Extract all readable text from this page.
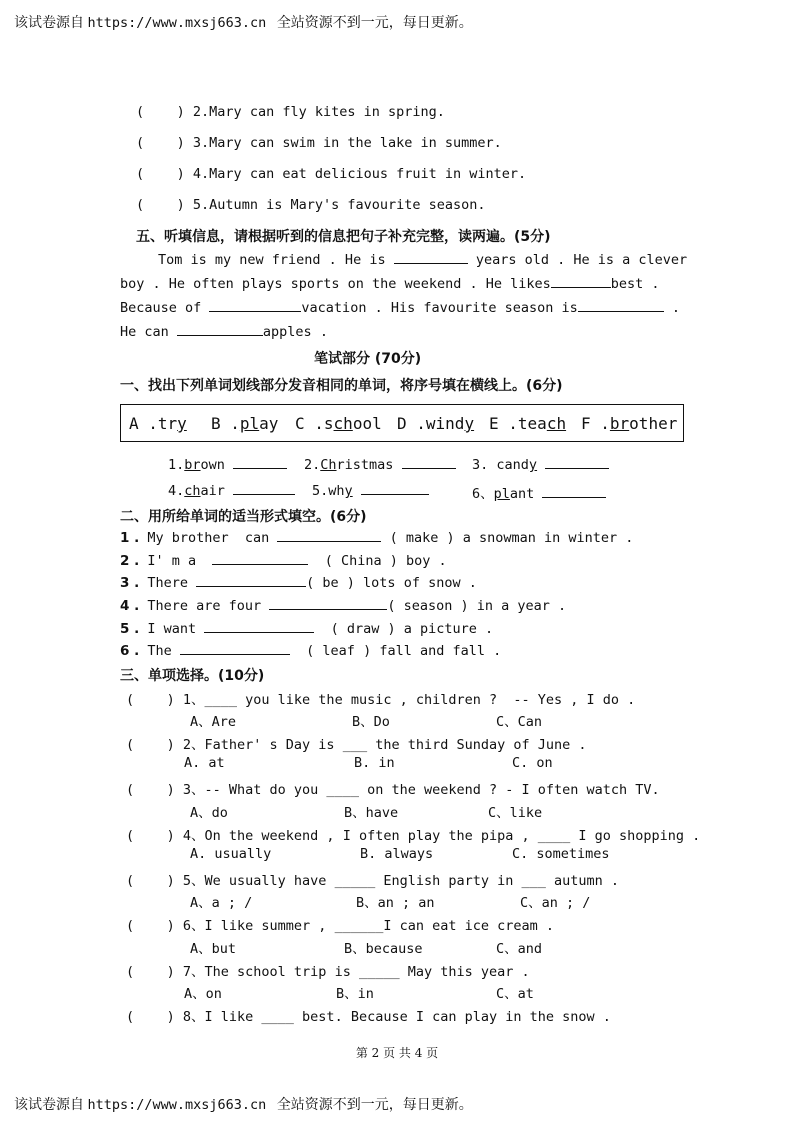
该试卷源自 https://www.mxsj663.cn 全站资源不到一元，每日更新。
(    ) 2.Mary can fly kites in spring.
(    ) 3.Mary can swim in the lake in summer.
(    ) 4.Mary can eat delicious fruit in winter.
(    ) 5.Autumn is Mary's favourite season.
五、听填信息，请根据听到的信息把句子补充完整，读两遍。(5分)
Tom is my new friend . He is	years old . He is a clever
boy . He often plays sports on the weekend . He likes	best .
Because of	vacation . His favourite season is	.
He can	apples .
笔试部分 (70分)
一、找出下列单词划线部分发音相同的单词，将序号填在横线上。(6分)
A .try B .play C .school D .windy E .teach F .brother
1.brown	2.Christmas	3. candy
4.chair	5.why	6、plant
二、用所给单词的适当形式填空。(6分)
1 . My brother  can	( make ) a snowman in winter .
2 . I' m a	( China ) boy .
3 . There	( be ) lots of snow .
4 . There are four	( season ) in a year .
5 . I want	( draw ) a picture .
6 . The	( leaf ) fall and fall .
三、单项选择。(10分)
(    ) 1、____ you like the music , children ?  -- Yes , I do .
A、Are	B、Do	C、Can
(    ) 2、Father' s Day is ___ the third Sunday of June .
A. at	B. in	C. on
(    ) 3、-- What do you ____ on the weekend ? - I often watch TV.
A、do	B、have	C、like
(    ) 4、On the weekend , I often play the pipa , ____ I go shopping .
A. usually	B. always	C. sometimes
(    ) 5、We usually have _____ English party in ___ autumn .
A、a ; /	B、an ; an	C、an ; /
(    ) 6、I like summer , ______I can eat ice cream .
A、but	B、because	C、and
(    ) 7、The school trip is _____ May this year .
A、on	B、in	C、at
(    ) 8、I like ____ best. Because I can play in the snow .
第 2 页 共 4 页
该试卷源自 https://www.mxsj663.cn 全站资源不到一元，每日更新。
